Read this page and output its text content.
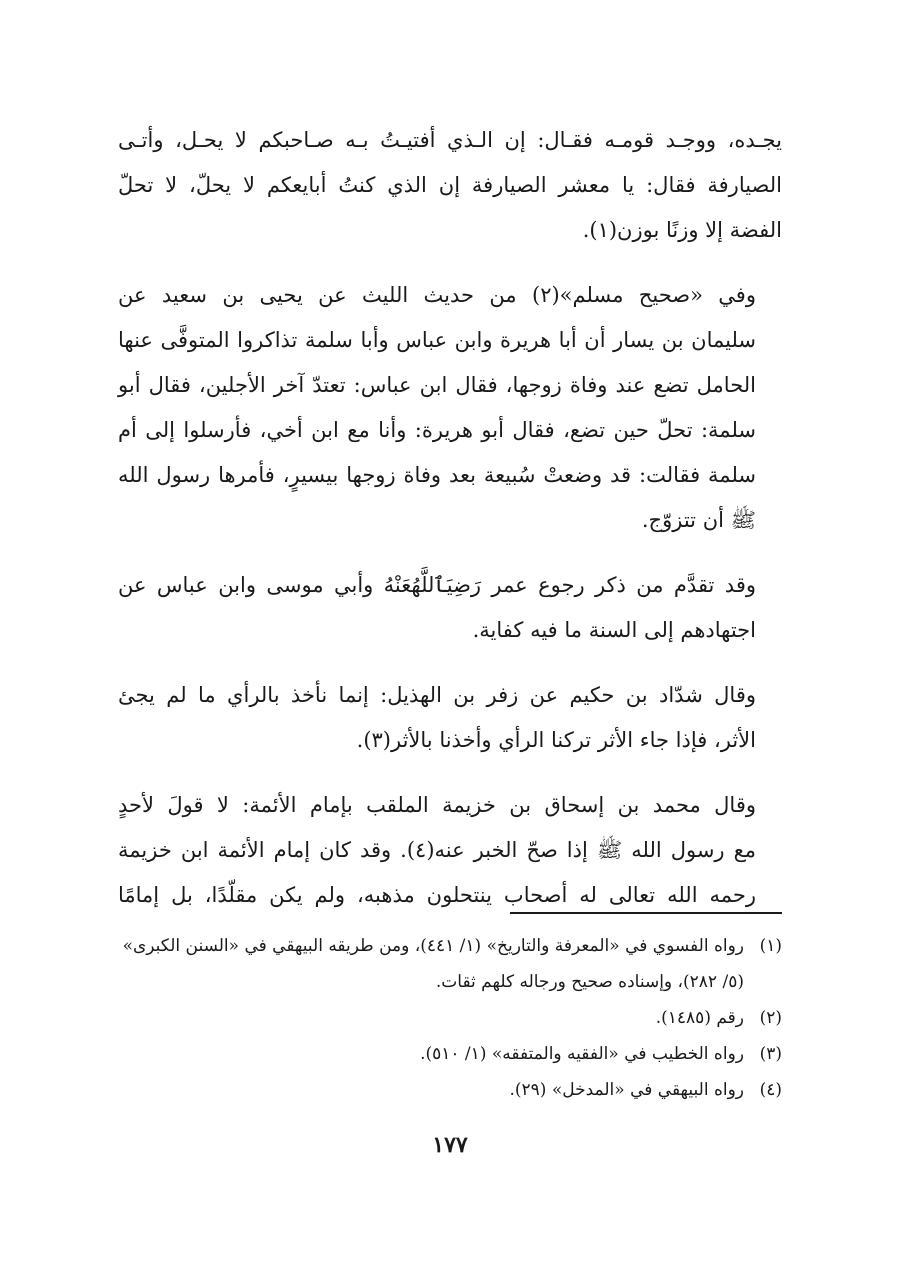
يجـده، ووجـد قومـه فقـال: إن الـذي أفتيـتُ بـه صـاحبكم لا يحـل، وأتـى
الصيارفة فقال: يا معشر الصيارفة إن الذي كنتُ أبايعكم لا يحلّ، لا تحلّ
الفضة إلا وزنًا بوزن(١).

وفي «صحيح مسلم»(٢) من حديث الليث عن يحيى بن سعيد عن
سليمان بن يسار أن أبا هريرة وابن عباس وأبا سلمة تذاكروا المتوفَّى عنها
الحامل تضع عند وفاة زوجها، فقال ابن عباس: تعتدّ آخر الأجلين، فقال أبو
سلمة: تحلّ حين تضع، فقال أبو هريرة: وأنا مع ابن أخي، فأرسلوا إلى أم
سلمة فقالت: قد وضعتْ سُبيعة بعد وفاة زوجها بيسيرٍ، فأمرها رسول الله
ﷺ أن تتزوّج.

وقد تقدَّم من ذكر رجوع عمر رَضِيَٱللَّهُعَنْهُ وأبي موسى وابن عباس عن
اجتهادهم إلى السنة ما فيه كفاية.

وقال شدّاد بن حكيم عن زفر بن الهذيل: إنما نأخذ بالرأي ما لم يجئ
الأثر، فإذا جاء الأثر تركنا الرأي وأخذنا بالأثر(٣).

وقال محمد بن إسحاق بن خزيمة الملقب بإمام الأئمة: لا قولَ لأحدٍ
مع رسول الله ﷺ إذا صحّ الخبر عنه(٤). وقد كان إمام الأئمة ابن خزيمة
رحمه الله تعالى له أصحاب ينتحلون مذهبه، ولم يكن مقلّدًا، بل إمامًا

(١)
رواه الفسوي في «المعرفة والتاريخ» (١/ ٤٤١)، ومن طريقه البيهقي في «السنن الكبرى» (٥/ ٢٨٢)، وإسناده صحيح ورجاله كلهم ثقات.
(٢)
رقم (١٤٨٥).
(٣)
رواه الخطيب في «الفقيه والمتفقه» (١/ ٥١٠).
(٤)
رواه البيهقي في «المدخل» (٢٩).
١٧٧
